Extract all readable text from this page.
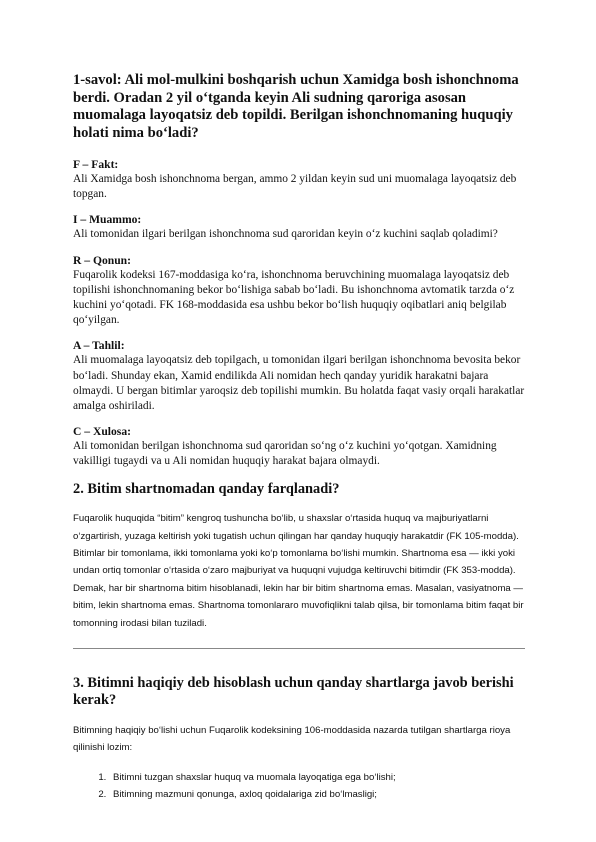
1-savol: Ali mol-mulkini boshqarish uchun Xamidga bosh ishonchnoma berdi. Oradan 2 yil o‘tganda keyin Ali sudning qaroriga asosan muomalaga layoqatsiz deb topildi. Berilgan ishonchnomaning huquqiy holati nima bo‘ladi?

F – Fakt:

Ali Xamidga bosh ishonchnoma bergan, ammo 2 yildan keyin sud uni muomalaga layoqatsiz deb topgan.

I – Muammo:

Ali tomonidan ilgari berilgan ishonchnoma sud qaroridan keyin o‘z kuchini saqlab qoladimi?

R – Qonun:

Fuqarolik kodeksi 167-moddasiga ko‘ra, ishonchnoma beruvchining muomalaga layoqatsiz deb topilishi ishonchnomaning bekor bo‘lishiga sabab bo‘ladi. Bu ishonchnoma avtomatik tarzda o‘z kuchini yo‘qotadi. FK 168-moddasida esa ushbu bekor bo‘lish huquqiy oqibatlari aniq belgilab qo‘yilgan.

A – Tahlil:

Ali muomalaga layoqatsiz deb topilgach, u tomonidan ilgari berilgan ishonchnoma bevosita bekor bo‘ladi. Shunday ekan, Xamid endilikda Ali nomidan hech qanday yuridik harakatni bajara olmaydi. U bergan bitimlar yaroqsiz deb topilishi mumkin. Bu holatda faqat vasiy orqali harakatlar amalga oshiriladi.

C – Xulosa:

Ali tomonidan berilgan ishonchnoma sud qaroridan so‘ng o‘z kuchini yo‘qotgan. Xamidning vakilligi tugaydi va u Ali nomidan huquqiy harakat bajara olmaydi.

2. Bitim shartnomadan qanday farqlanadi?

Fuqarolik huquqida “bitim” kengroq tushuncha bo‘lib, u shaxslar o‘rtasida huquq va majburiyatlarni o‘zgartirish, yuzaga keltirish yoki tugatish uchun qilingan har qanday huquqiy harakatdir (FK 105-modda). Bitimlar bir tomonlama, ikki tomonlama yoki ko‘p tomonlama bo‘lishi mumkin. Shartnoma esa — ikki yoki undan ortiq tomonlar o‘rtasida o‘zaro majburiyat va huquqni vujudga keltiruvchi bitimdir (FK 353-modda). Demak, har bir shartnoma bitim hisoblanadi, lekin har bir bitim shartnoma emas. Masalan, vasiyatnoma — bitim, lekin shartnoma emas. Shartnoma tomonlararo muvofiqlikni talab qilsa, bir tomonlama bitim faqat bir tomonning irodasi bilan tuziladi.

3. Bitimni haqiqiy deb hisoblash uchun qanday shartlarga javob berishi kerak?

Bitimning haqiqiy bo‘lishi uchun Fuqarolik kodeksining 106-moddasida nazarda tutilgan shartlarga rioya qilinishi lozim:

1. Bitimni tuzgan shaxslar huquq va muomala layoqatiga ega bo‘lishi;
2. Bitimning mazmuni qonunga, axloq qoidalariga zid bo‘lmasligi;
